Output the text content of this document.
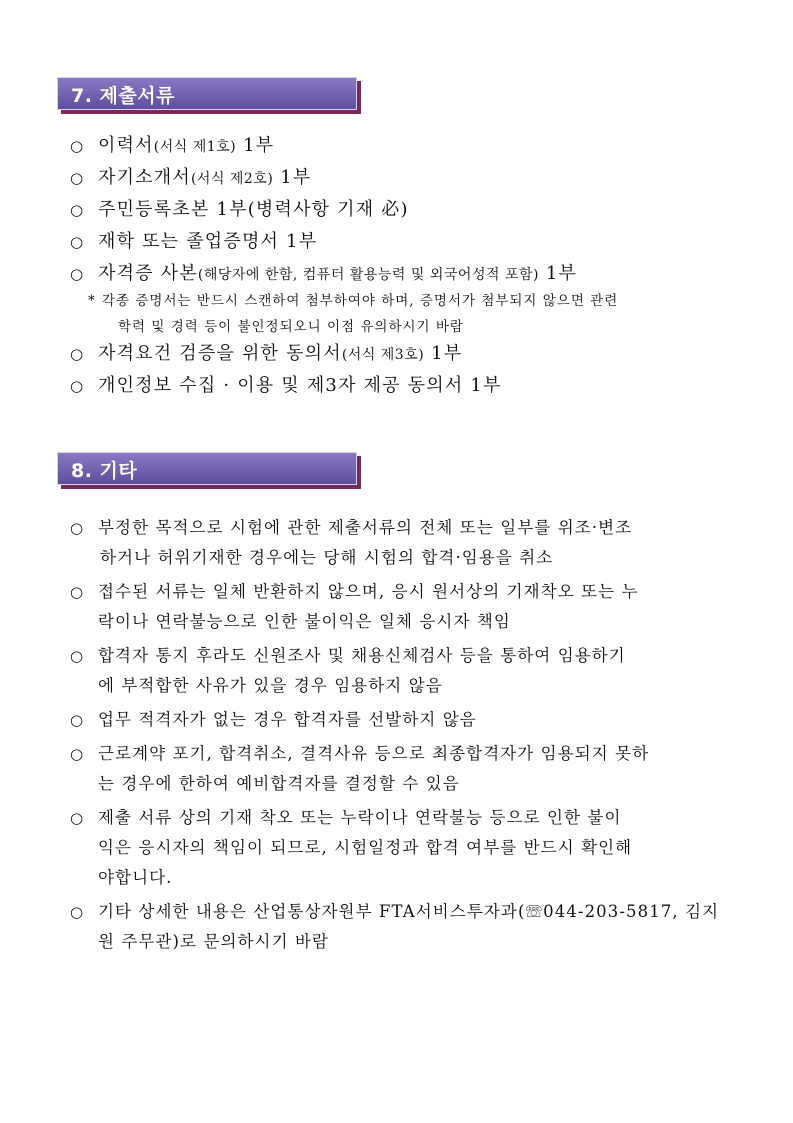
7. 제출서류
○ 이력서 (서식 제1호) 1부
○ 자기소개서 (서식 제2호) 1부
○ 주민등록초본 1부(병력사항 기재 必)
○ 재학 또는 졸업증명서 1부
○ 자격증 사본 (해당자에 한함, 컴퓨터 활용능력 및 외국어성적 포함) 1부
* 각종 증명서는 반드시 스캔하여 첨부하여야 하며, 증명서가 첨부되지 않으면 관련
학력 및 경력 등이 불인정되오니 이점 유의하시기 바람
○ 자격요건 검증을 위한 동의서 (서식 제3호) 1부
○ 개인정보 수집 · 이용 및 제3자 제공 동의서 1부
8. 기타
○ 부정한 목적으로 시험에 관한 제출서류의 전체 또는 일부를 위조·변조
하거나 허위기재한 경우에는 당해 시험의 합격·임용을 취소
○ 접수된 서류는 일체 반환하지 않으며, 응시 원서상의 기재착오 또는 누
락이나 연락불능으로 인한 불이익은 일체 응시자 책임
○ 합격자 통지 후라도 신원조사 및 채용신체검사 등을 통하여 임용하기
에 부적합한 사유가 있을 경우 임용하지 않음
○ 업무 적격자가 없는 경우 합격자를 선발하지 않음
○ 근로계약 포기, 합격취소, 결격사유 등으로 최종합격자가 임용되지 못하
는 경우에 한하여 예비합격자를 결정할 수 있음
○ 제출 서류 상의 기재 착오 또는 누락이나 연락불능 등으로 인한 불이
익은 응시자의 책임이 되므로, 시험일정과 합격 여부를 반드시 확인해
야합니다.
○ 기타 상세한 내용은 산업통상자원부 FTA서비스투자과(☏044-203-5817, 김지
원 주무관)로 문의하시기 바람
